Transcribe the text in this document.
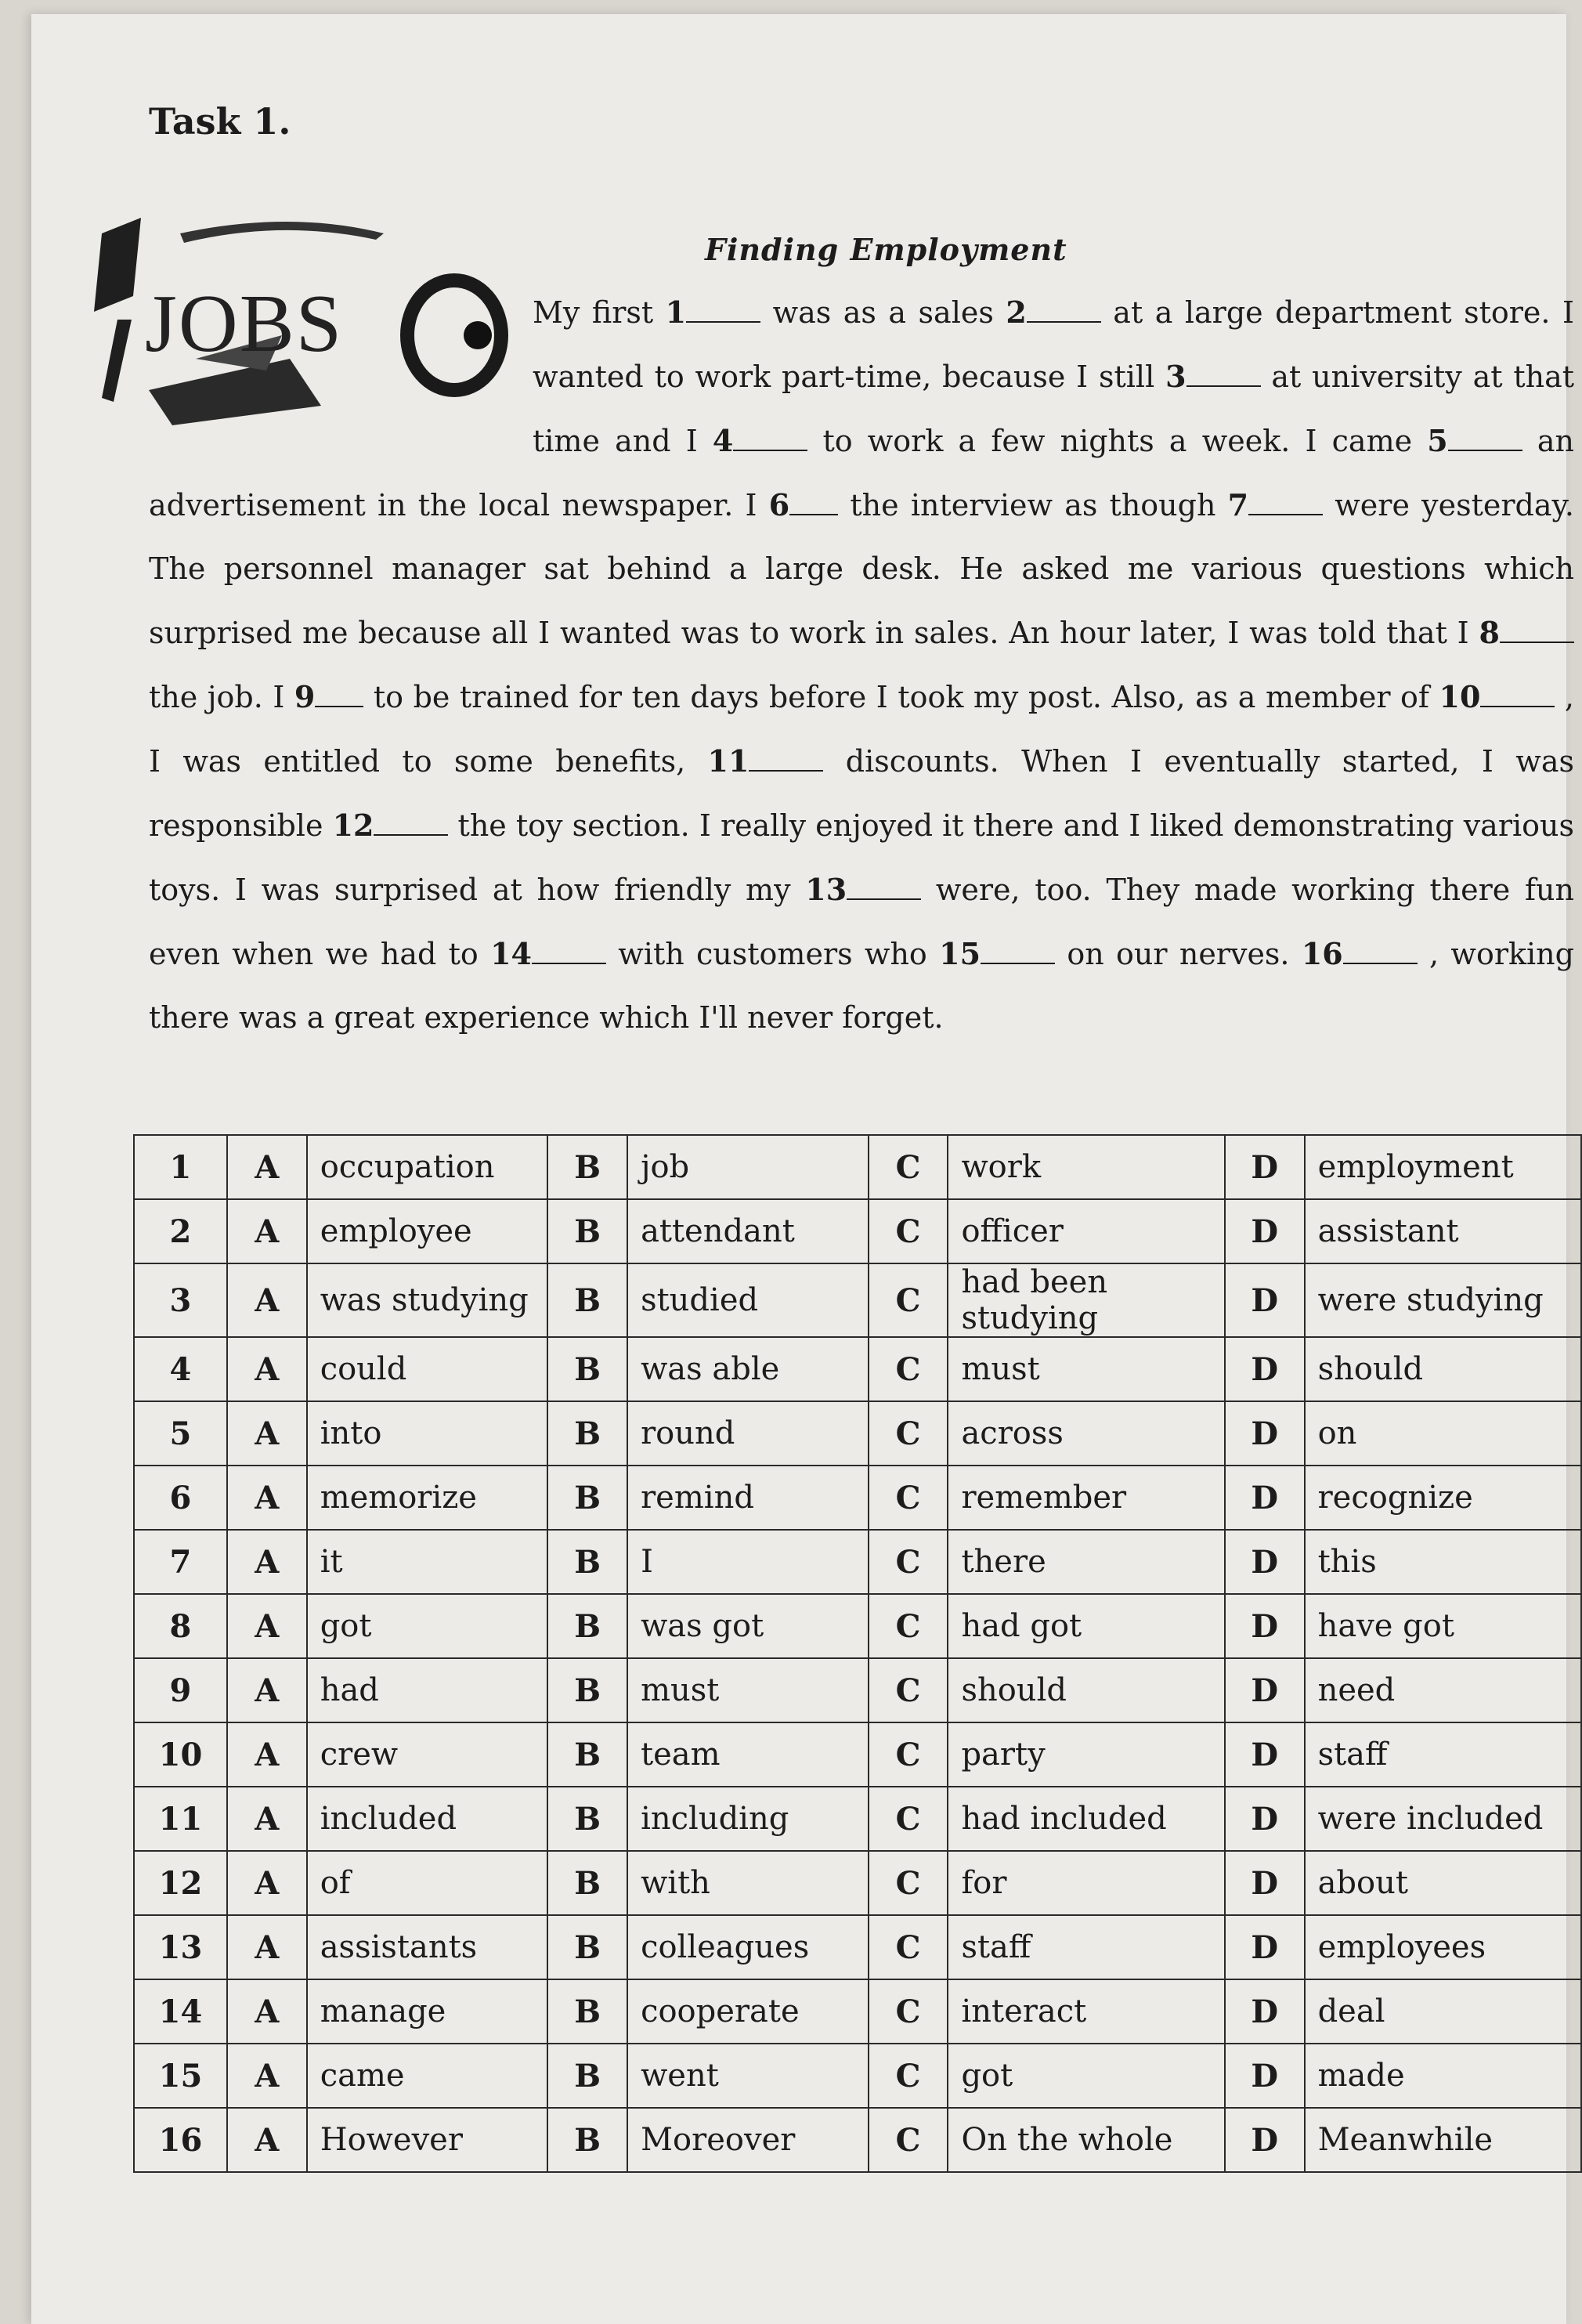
Task 1.
JOBS
Finding Employment

My first 1	was as a sales 2	at a large department store. I wanted to work part-time, because I still 3	at university at that time and I 4	to work a few nights a week. I came 5	an advertisement in the local newspaper. I 6 the interview as though 7	were yesterday. The personnel manager sat behind a large desk. He asked me various questions which surprised me because all I wanted was to work in sales. An hour later, I was told that I 8 the job. I 9 to be trained for ten days before I took my post. Also, as a member of 10	, I was entitled to some benefits, 11	discounts. When I eventually started, I was responsible 12	the toy section. I really enjoyed it there and I liked demonstrating various toys. I was surprised at how friendly my 13	were, too. They made working there fun even when we had to 14	with customers who 15	on our nerves. 16	, working there was a great experience which I'll never forget.

1	A	occupation	B	job	C	work	D	employment
2	A	employee	B	attendant	C	officer	D	assistant
3	A	was studying	B	studied	C	had been studying	D	were studying
4	A	could	B	was able	C	must	D	should
5	A	into	B	round	C	across	D	on
6	A	memorize	B	remind	C	remember	D	recognize
7	A	it	B	I	C	there	D	this
8	A	got	B	was got	C	had got	D	have got
9	A	had	B	must	C	should	D	need
10	A	crew	B	team	C	party	D	staff
11	A	included	B	including	C	had included	D	were included
12	A	of	B	with	C	for	D	about
13	A	assistants	B	colleagues	C	staff	D	employees
14	A	manage	B	cooperate	C	interact	D	deal
15	A	came	B	went	C	got	D	made
16	A	However	B	Moreover	C	On the whole	D	Meanwhile
